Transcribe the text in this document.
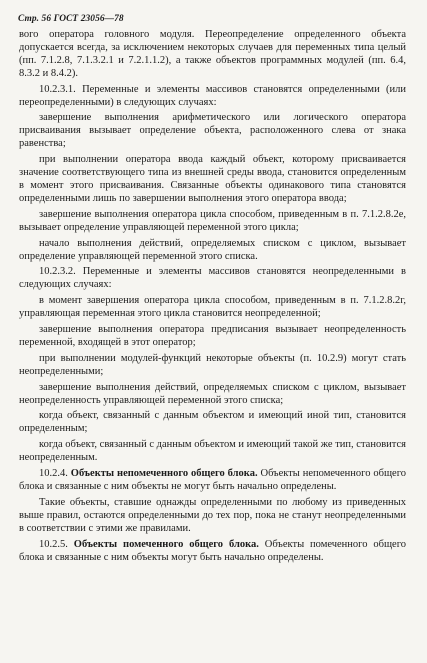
Стр. 56 ГОСТ 23056—78

вого оператора головного модуля. Переопределение определенного объекта допускается всегда, за исключением некоторых случаев для переменных типа целый (пп. 7.1.2.8, 7.1.3.2.1 и 7.2.1.1.2), а также объектов программных модулей (пп. 6.4, 8.3.2 и 8.4.2).

10.2.3.1. Переменные и элементы массивов становятся определенными (или переопределенными) в следующих случаях:

завершение выполнения арифметического или логического оператора присваивания вызывает определение объекта, расположенного слева от знака равенства;

при выполнении оператора ввода каждый объект, которому присваивается значение соответствующего типа из внешней среды ввода, становится определенным в момент этого присваивания. Связанные объекты одинакового типа становятся определенными лишь по завершении выполнения этого оператора ввода;

завершение выполнения оператора цикла способом, приведенным в п. 7.1.2.8.2е, вызывает определение управляющей переменной этого цикла;

начало выполнения действий, определяемых списком с циклом, вызывает определение управляющей переменной этого списка.

10.2.3.2. Переменные и элементы массивов становятся неопределенными в следующих случаях:

в момент завершения оператора цикла способом, приведенным в п. 7.1.2.8.2г, управляющая переменная этого цикла становится неопределенной;

завершение выполнения оператора предписания вызывает неопределенность переменной, входящей в этот оператор;

при выполнении модулей-функций некоторые объекты (п. 10.2.9) могут стать неопределенными;

завершение выполнения действий, определяемых списком с циклом, вызывает неопределенность управляющей переменной этого списка;

когда объект, связанный с данным объектом и имеющий иной тип, становится определенным;

когда объект, связанный с данным объектом и имеющий такой же тип, становится неопределенным.

10.2.4. Объекты непомеченного общего блока. Объекты непомеченного общего блока и связанные с ним объекты не могут быть начально определены.

Такие объекты, ставшие однажды определенными по любому из приведенных выше правил, остаются определенными до тех пор, пока не станут неопределенными в соответствии с этими же правилами.

10.2.5. Объекты помеченного общего блока. Объекты помеченного общего блока и связанные с ним объекты могут быть начально определены.
